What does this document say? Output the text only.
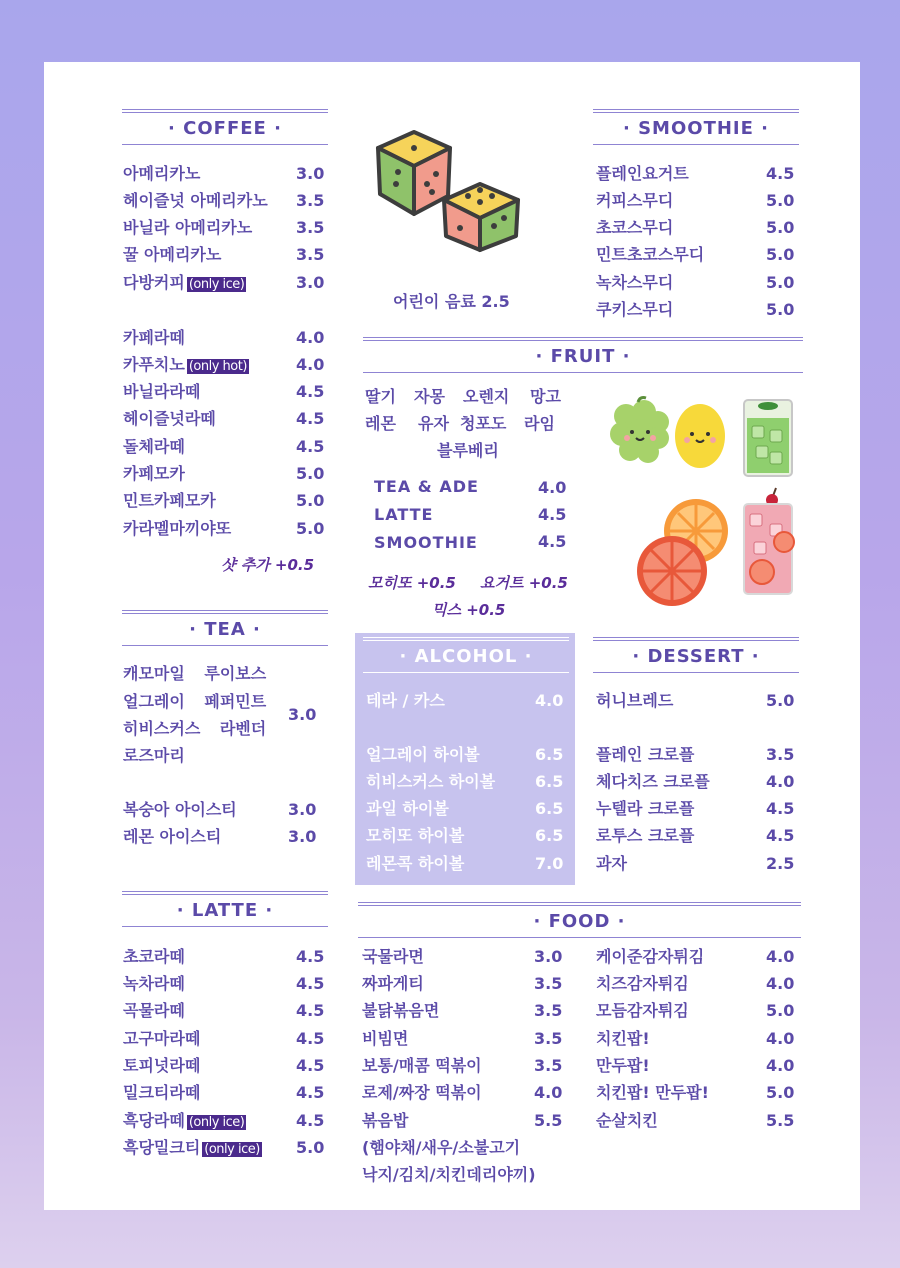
· COFFEE ·
아메리카노	3.0
헤이즐넛 아메리카노 3.5
바닐라 아메리카노	3.5
꿀 아메리카노	3.5
다방커피 (only ice)	3.0
카페라떼	4.0
카푸치노 (only hot)	4.0
바닐라라떼	4.5
헤이즐넛라떼	4.5
돌체라떼	4.5
카페모카	5.0
민트카페모카	5.0
카라멜마끼야또	5.0
샷 추가 +0.5
어린이 음료 2.5
· SMOOTHIE ·
플레인요거트	4.5
커피스무디	5.0
초코스무디	5.0
민트초코스무디	5.0
녹차스무디	5.0
쿠키스무디	5.0
· FRUIT ·
딸기 자몽 오렌지 망고
레몬 유자 청포도 라임
블루베리
TEA & ADE	4.0
LATTE	4.5
SMOOTHIE	4.5
모히또 +0.5 요거트 +0.5
믹스 +0.5
· TEA ·
캐모마일 루이보스
얼그레이 페퍼민트
히비스커스 라벤더
로즈마리
3.0
복숭아 아이스티	3.0
레몬 아이스티	3.0
· ALCOHOL ·
테라 / 카스	4.0
얼그레이 하이볼	6.5
히비스커스 하이볼 6.5
과일 하이볼	6.5
모히또 하이볼	6.5
레몬콕 하이볼	7.0
· DESSERT ·
허니브레드	5.0
플레인 크로플	3.5
체다치즈 크로플	4.0
누텔라 크로플	4.5
로투스 크로플	4.5
과자	2.5
· LATTE ·
초코라떼	4.5
녹차라떼	4.5
곡물라떼	4.5
고구마라떼	4.5
토피넛라떼	4.5
밀크티라떼	4.5
흑당라떼 (only ice)	4.5
흑당밀크티 (only ice) 5.0
· FOOD ·
국물라면	3.0
짜파게티	3.5
불닭볶음면	3.5
비빔면	3.5
보통/매콤 떡볶이	3.5
로제/짜장 떡볶이	4.0
볶음밥	5.5
(햄야채/새우/소불고기
낙지/김치/치킨데리야끼)
케이준감자튀김	4.0
치즈감자튀김	4.0
모듬감자튀김	5.0
치킨팝!	4.0
만두팝!	4.0
치킨팝! 만두팝!	5.0
순살치킨	5.5
